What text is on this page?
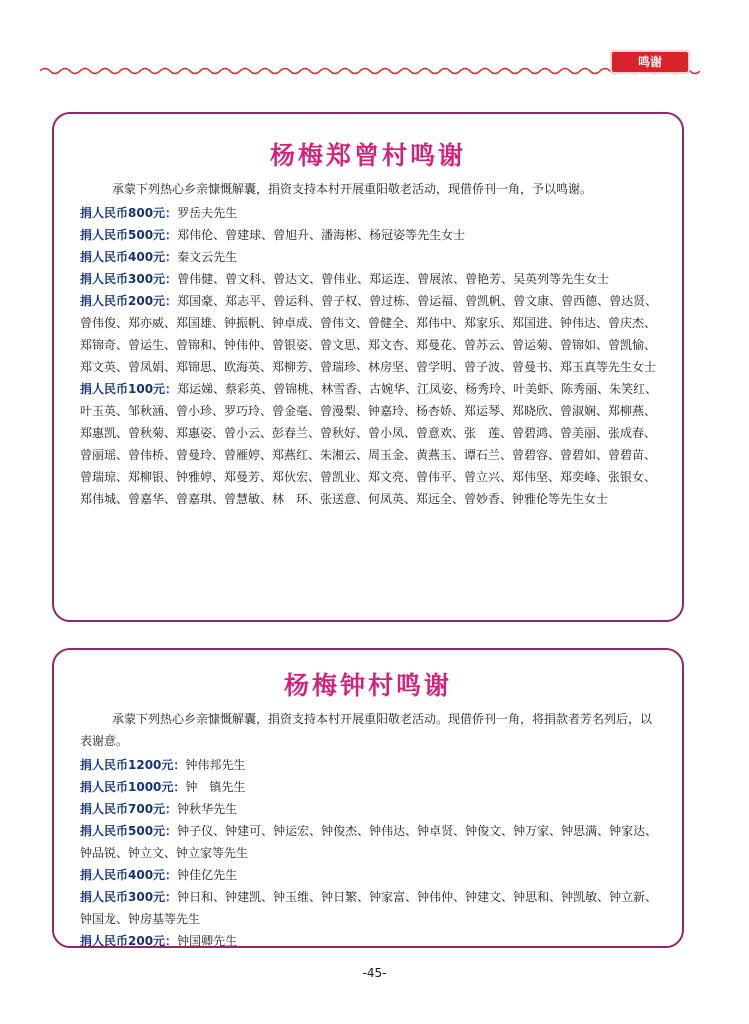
鸣谢
杨梅郑曾村鸣谢

承蒙下列热心乡亲慷慨解囊，捐资支持本村开展重阳敬老活动，现借侨刊一角，予以鸣谢。

捐人民币800元：罗岳夫先生
捐人民币500元：郑伟伦、曾建球、曾旭升、潘海彬、杨冠姿等先生女士
捐人民币400元：秦文云先生
捐人民币300元：曾伟健、曾文科、曾达文、曾伟业、郑运连、曾展浓、曾艳芳、吴英列等先生女士
捐人民币200元：郑国豪、郑志平、曾运科、曾子权、曾过栋、曾运福、曾凯帆、曾文康、曾西德、曾达贤、曾伟俊、郑亦威、郑国雄、钟振帆、钟卓成、曾伟文、曾健全、郑伟中、郑家乐、郑国进、钟伟达、曾庆杰、郑锦奇、曾运生、曾锦和、钟伟仲、曾银姿、曾文思、郑文杏、郑曼花、曾苏云、曾运菊、曾锦如、曾凯愉、郑文英、曾凤娟、郑锦思、欧海英、郑柳芳、曾瑞珍、林房坚、曾学明、曾子波、曾曼书、郑玉真等先生女士
捐人民币100元：郑运娣、蔡彩英、曾锦桃、林雪香、古婉华、江凤姿、杨秀玲、叶美虾、陈秀丽、朱笑红、叶玉英、邹秋涵、曾小珍、罗巧玲、曾金毫、曾漫梨、钟嘉玲、杨杏娇、郑运琴、郑晓欣、曾淑娴、郑柳燕、郑惠凯、曾秋菊、郑惠姿、曾小云、彭春兰、曾秋好、曾小凤、曾意欢、张　莲、曾碧鸿、曾美丽、张成春、曾丽瑶、曾伟桥、曾曼玲、曾雁婷、郑燕红、朱湘云、周玉金、黄燕玉、谭石兰、曾碧容、曾碧如、曾碧苗、曾瑞琼、郑柳银、钟雅婷、郑曼芳、郑伙宏、曾凯业、郑文亮、曾伟平、曾立兴、郑伟坚、郑奕峰、张银女、郑伟城、曾嘉华、曾嘉琪、曾慧敏、林　环、张送意、何凤英、郑远全、曾妙香、钟雅伦等先生女士
杨梅钟村鸣谢

承蒙下列热心乡亲慷慨解囊，捐资支持本村开展重阳敬老活动。现借侨刊一角，将捐款者芳名列后，以表谢意。

捐人民币1200元：钟伟邦先生
捐人民币1000元：钟　镇先生
捐人民币700元：钟秋华先生
捐人民币500元：钟子仪、钟建可、钟运宏、钟俊杰、钟伟达、钟卓贤、钟俊文、钟万家、钟思满、钟家达、钟品锐、钟立文、钟立家等先生
捐人民币400元：钟佳亿先生
捐人民币300元：钟日和、钟建凯、钟玉维、钟日繁、钟家富、钟伟仲、钟建文、钟思和、钟凯敏、钟立新、钟国龙、钟房基等先生
捐人民币200元：钟国卿先生
-45-
